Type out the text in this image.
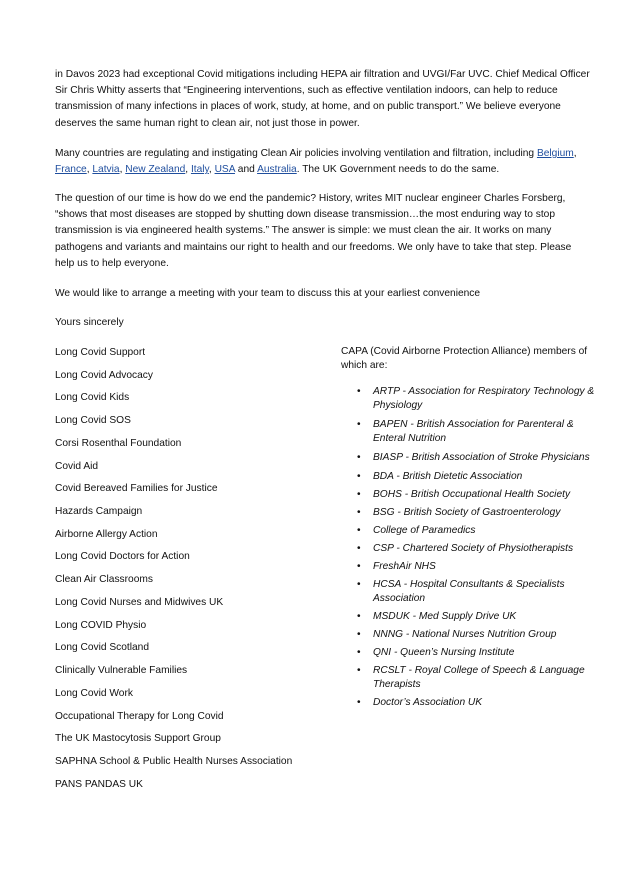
in Davos 2023 had exceptional Covid mitigations including HEPA air filtration and UVGI/Far UVC. Chief Medical Officer Sir Chris Whitty asserts that “Engineering interventions, such as effective ventilation indoors, can help to reduce transmission of many infections in places of work, study, at home, and on public transport.” We believe everyone deserves the same human right to clean air, not just those in power.

Many countries are regulating and instigating Clean Air policies involving ventilation and filtration, including Belgium, France, Latvia, New Zealand, Italy, USA and Australia. The UK Government needs to do the same.

The question of our time is how do we end the pandemic? History, writes MIT nuclear engineer Charles Forsberg, “shows that most diseases are stopped by shutting down disease transmission…the most enduring way to stop transmission is via engineered health systems.” The answer is simple: we must clean the air. It works on many pathogens and variants and maintains our right to health and our freedoms. We only have to take that step. Please help us to help everyone.

We would like to arrange a meeting with your team to discuss this at your earliest convenience

Yours sincerely

Long Covid Support
Long Covid Advocacy
Long Covid Kids
Long Covid SOS
Corsi Rosenthal Foundation
Covid Aid
Covid Bereaved Families for Justice
Hazards Campaign
Airborne Allergy Action
Long Covid Doctors for Action
Clean Air Classrooms
Long Covid Nurses and Midwives UK
Long COVID Physio
Long Covid Scotland
Clinically Vulnerable Families
Long Covid Work
Occupational Therapy for Long Covid
The UK Mastocytosis Support Group
SAPHNA School & Public Health Nurses Association
PANS PANDAS UK
CAPA (Covid Airborne Protection Alliance) members of which are:
• ARTP - Association for Respiratory Technology & Physiology
• BAPEN - British Association for Parenteral & Enteral Nutrition
• BIASP - British Association of Stroke Physicians
• BDA - British Dietetic Association
• BOHS - British Occupational Health Society
• BSG - British Society of Gastroenterology
• College of Paramedics
• CSP - Chartered Society of Physiotherapists
• FreshAir NHS
• HCSA - Hospital Consultants & Specialists Association
• MSDUK - Med Supply Drive UK
• NNNG - National Nurses Nutrition Group
• QNI - Queen’s Nursing Institute
• RCSLT - Royal College of Speech & Language Therapists
• Doctor’s Association UK
